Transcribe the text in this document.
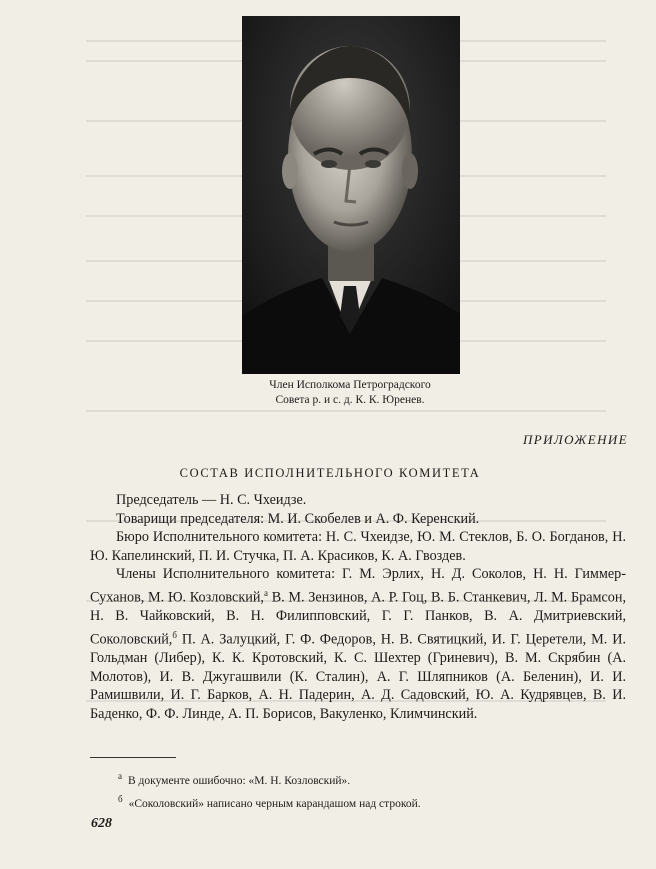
Член Исполкома Петроградского
Совета р. и с. д. К. К. Юренев.
ПРИЛОЖЕНИЕ
СОСТАВ ИСПОЛНИТЕЛЬНОГО КОМИТЕТА

Председатель — Н. С. Чхеидзе.

Товарищи председателя: М. И. Скобелев и А. Ф. Керенский.

Бюро Исполнительного комитета: Н. С. Чхеидзе, Ю. М. Стеклов, Б. О. Богданов, Н. Ю. Капелинский, П. И. Стучка, П. А. Красиков, К. А. Гвоздев.

Члены Исполнительного комитета: Г. М. Эрлих, Н. Д. Соколов, Н. Н. Гиммер-Суханов, М. Ю. Козловский,$^а$ В. М. Зензинов, А. Р. Гоц, В. Б. Станкевич, Л. М. Брамсон, Н. В. Чайковский, В. Н. Филипповский, Г. Г. Панков, В. А. Дмитриевский, Соколовский,$^б$ П. А. Залуцкий, Г. Ф. Федоров, Н. В. Святицкий, И. Г. Церетели, М. И. Гольдман (Либер), К. К. Кротовский, К. С. Шехтер (Гриневич), В. М. Скрябин (А. Молотов), И. В. Джугашвили (К. Сталин), А. Г. Шляпников (А. Беленин), И. И. Рамишвили, И. Г. Барков, А. Н. Падерин, А. Д. Садовский, Ю. А. Кудрявцев, В. И. Баденко, Ф. Ф. Линде, А. П. Борисов, Вакуленко, Климчинский.

$^а$ В документе ошибочно: «М. Н. Козловский».
$^б$ «Соколовский» написано черным карандашом над строкой.
628
